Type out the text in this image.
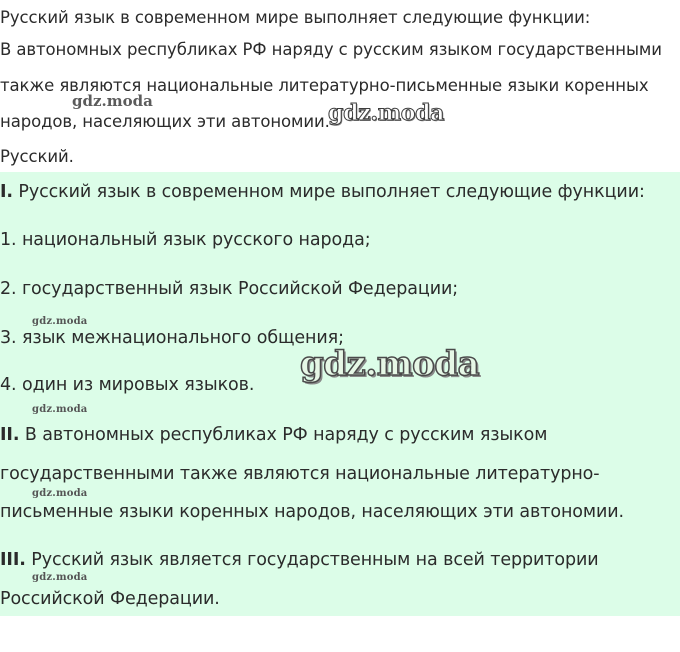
Русский язык в современном мире выполняет следующие функции:
В автономных республиках РФ наряду с русским языком государственными
также являются национальные литературно-письменные языки коренных
народов, населяющих эти автономии.
Русский.
gdz.moda	gdz.moda
I. Русский язык в современном мире выполняет следующие функции:
1. национальный язык русского народа;
2. государственный язык Российской Федерации;
3. язык межнационального общения;
4. один из мировых языков.
II. В автономных республиках РФ наряду с русским языком
государственными также являются национальные литературно-
письменные языки коренных народов, населяющих эти автономии.
III. Русский язык является государственным на всей территории
Российской Федерации.
gdz.moda
gdz.moda
gdz.moda
gdz.moda
gdz.moda
